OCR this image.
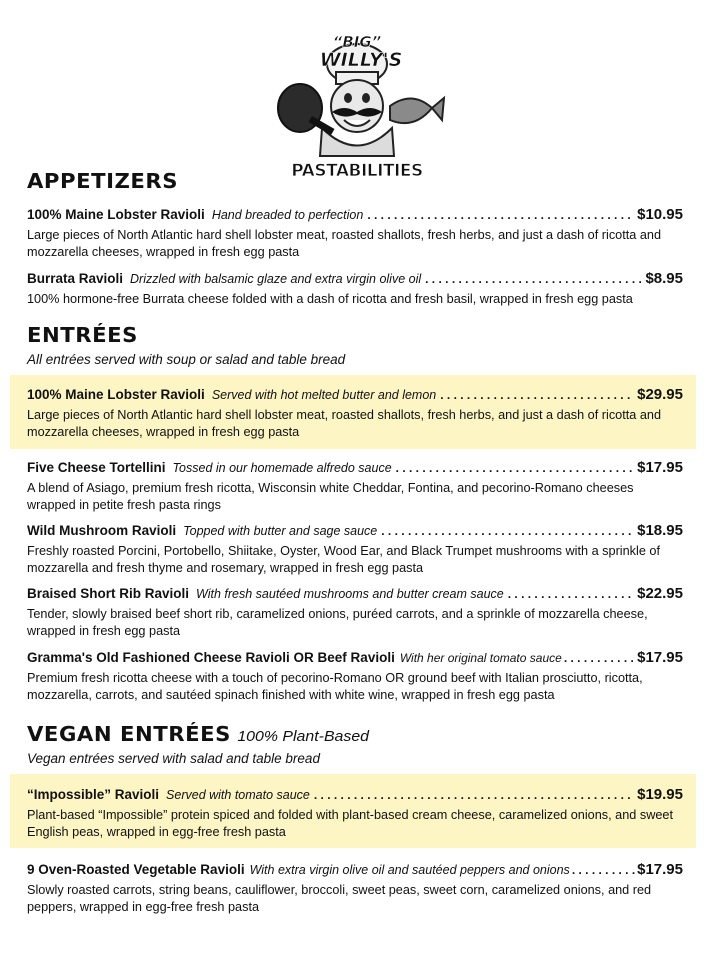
“BIG”
WILLY'S
PASTABILITIES
APPETIZERS
100% Maine Lobster Ravioli Hand breaded to perfection . . .	$10.95
Large pieces of North Atlantic hard shell lobster meat, roasted shallots, fresh herbs, and just a dash of ricotta and mozzarella cheeses, wrapped in fresh egg pasta
Burrata Ravioli Drizzled with balsamic glaze and extra virgin olive oil . . .	$8.95
100% hormone-free Burrata cheese folded with a dash of ricotta and fresh basil, wrapped in fresh egg pasta
ENTRÉES
All entrées served with soup or salad and table bread
100% Maine Lobster Ravioli Served with hot melted butter and lemon . . .	$29.95
Large pieces of North Atlantic hard shell lobster meat, roasted shallots, fresh herbs, and just a dash of ricotta and mozzarella cheeses, wrapped in fresh egg pasta
Five Cheese Tortellini Tossed in our homemade alfredo sauce . . .	$17.95
A blend of Asiago, premium fresh ricotta, Wisconsin white Cheddar, Fontina, and pecorino-Romano cheeses wrapped in petite fresh pasta rings
Wild Mushroom Ravioli Topped with butter and sage sauce . . .	$18.95
Freshly roasted Porcini, Portobello, Shiitake, Oyster, Wood Ear, and Black Trumpet mushrooms with a sprinkle of mozzarella and fresh thyme and rosemary, wrapped in fresh egg pasta
Braised Short Rib Ravioli With fresh sautéed mushrooms and butter cream sauce . . .	$22.95
Tender, slowly braised beef short rib, caramelized onions, puréed carrots, and a sprinkle of mozzarella cheese, wrapped in fresh egg pasta
Gramma's Old Fashioned Cheese Ravioli OR Beef Ravioli With her original tomato sauce . . .	$17.95
Premium fresh ricotta cheese with a touch of pecorino-Romano OR ground beef with Italian prosciutto, ricotta, mozzarella, carrots, and sautéed spinach finished with white wine, wrapped in fresh egg pasta
VEGAN ENTRÉES 100% Plant-Based
Vegan entrées served with salad and table bread
“Impossible” Ravioli Served with tomato sauce . . .	$19.95
Plant-based “Impossible” protein spiced and folded with plant-based cream cheese, caramelized onions, and sweet English peas, wrapped in egg-free fresh pasta
9 Oven-Roasted Vegetable Ravioli With extra virgin olive oil and sautéed peppers and onions . . .	$17.95
Slowly roasted carrots, string beans, cauliflower, broccoli, sweet peas, sweet corn, caramelized onions, and red peppers, wrapped in egg-free fresh pasta
